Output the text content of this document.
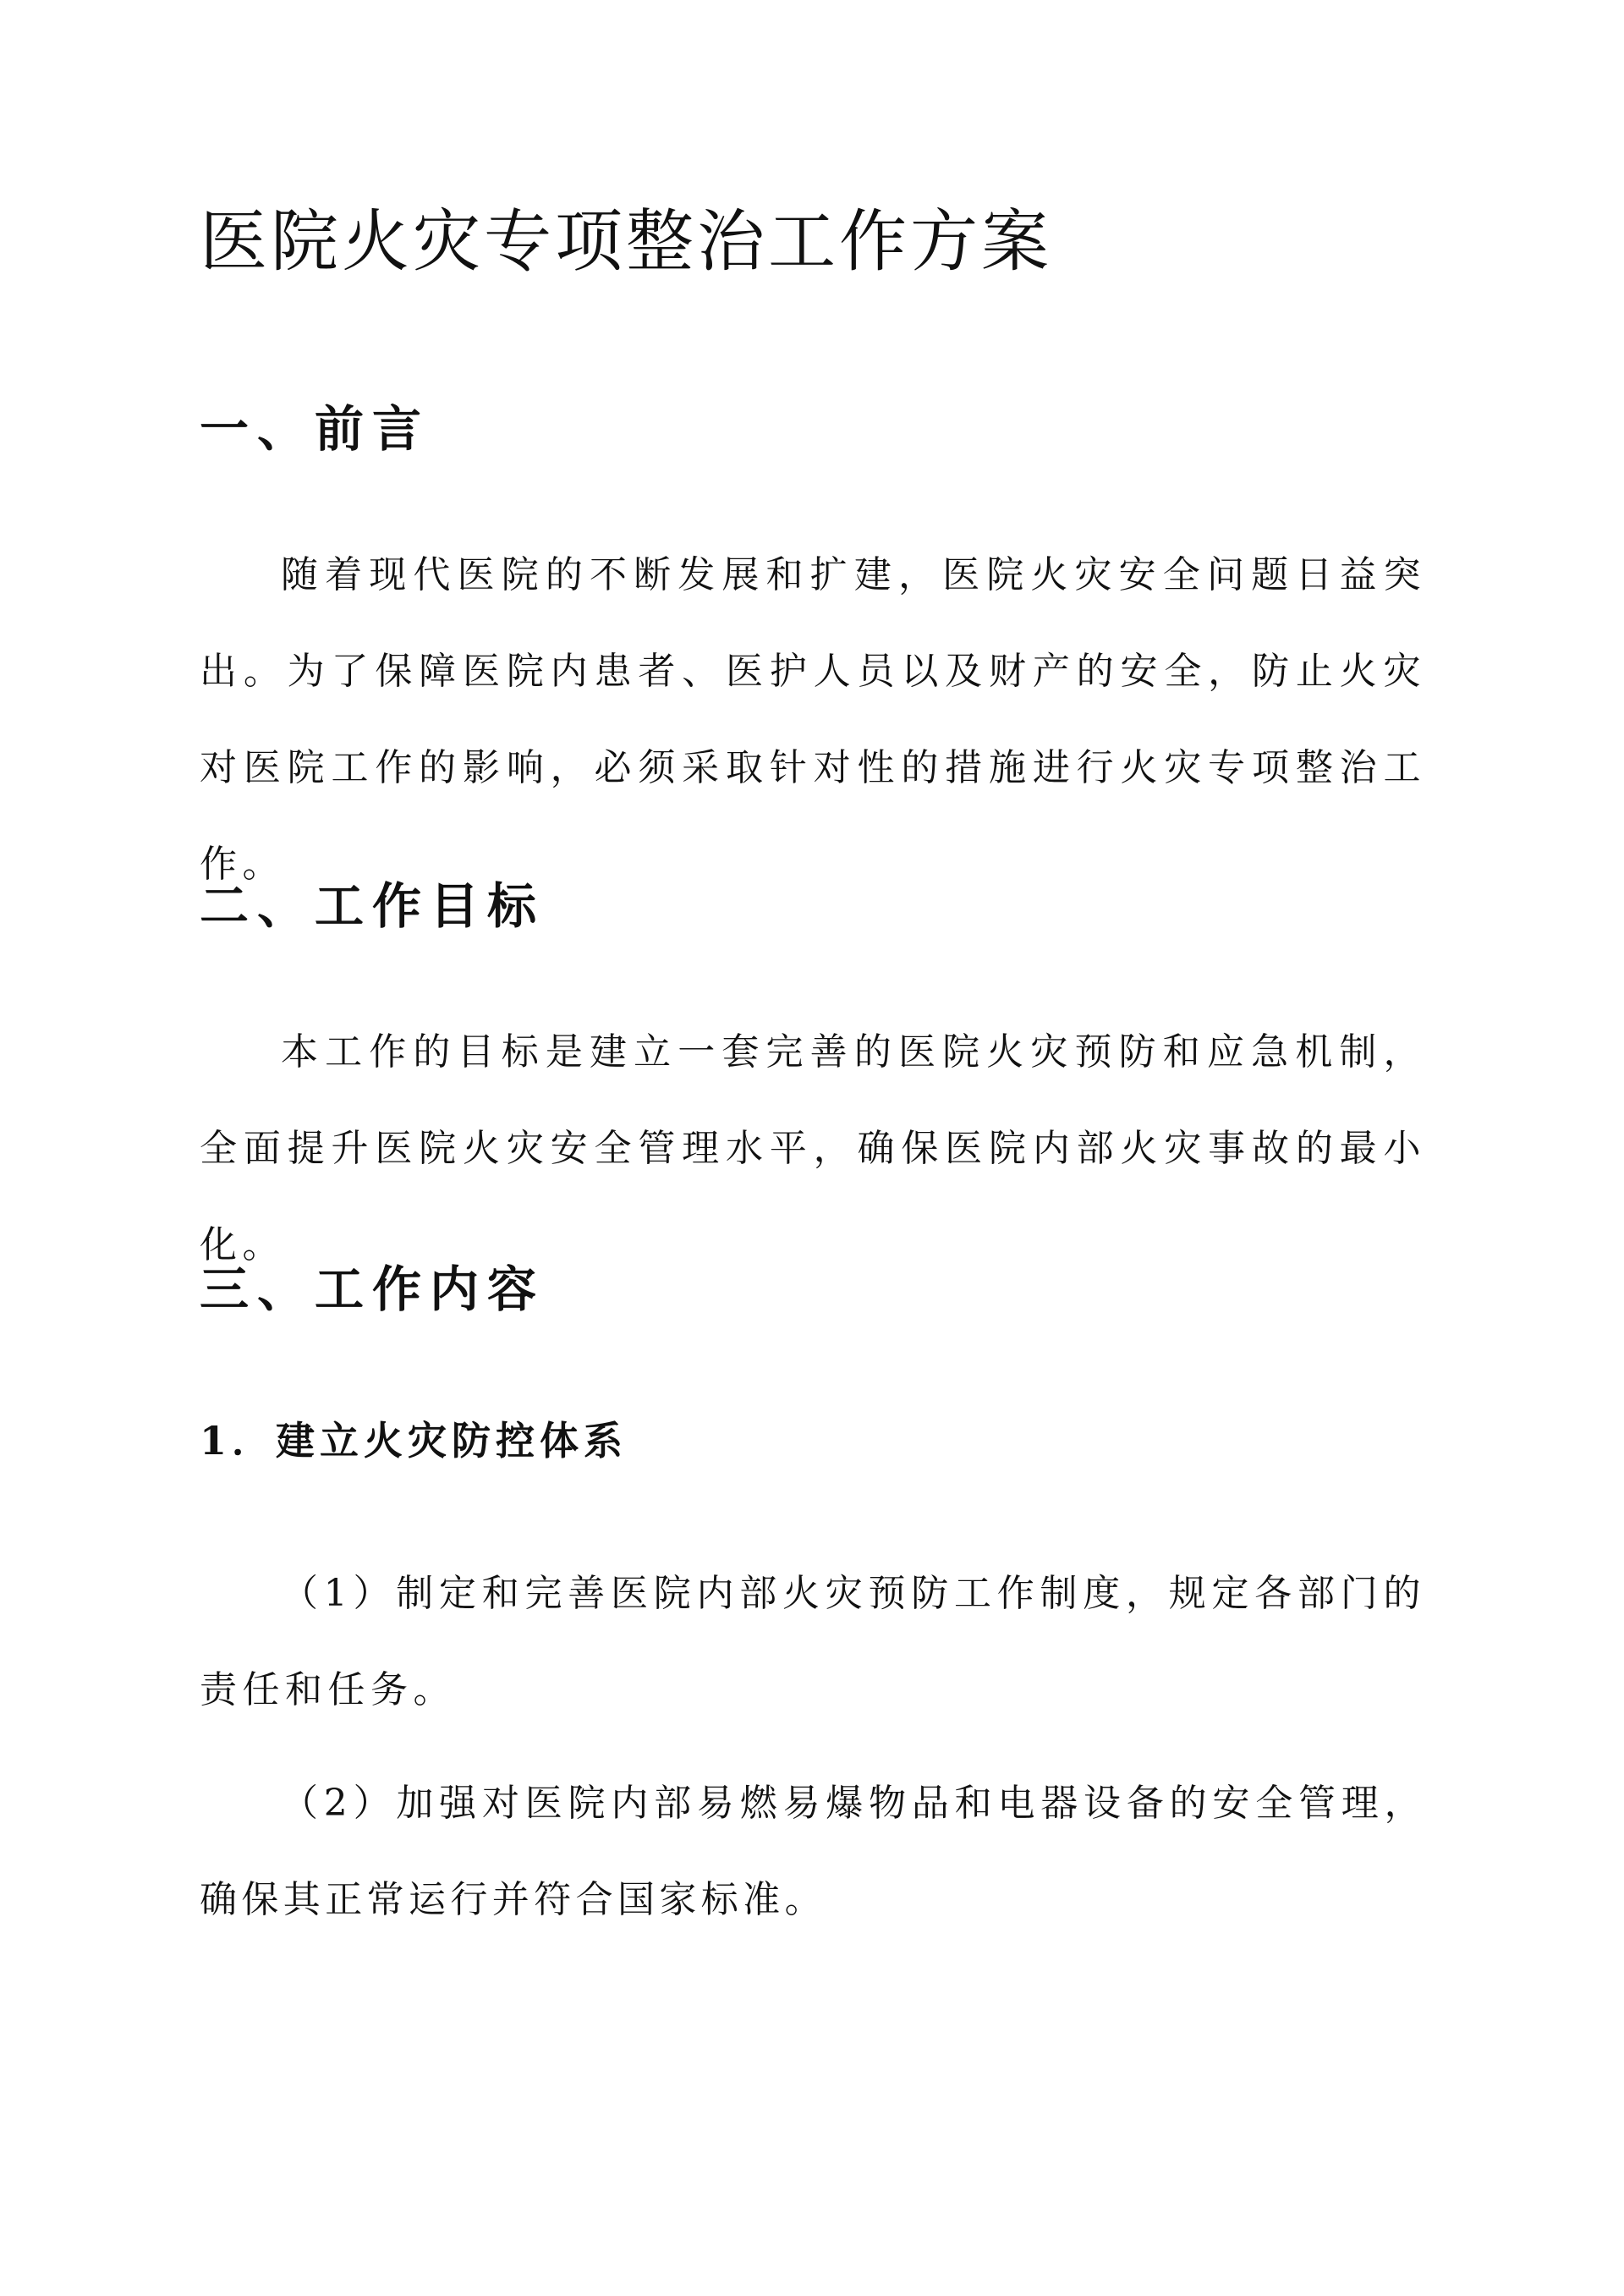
医院火灾专项整治工作方案
一、前言

随着现代医院的不断发展和扩建，医院火灾安全问题日益突出。为了保障医院内患者、医护人员以及财产的安全，防止火灾对医院工作的影响，必须采取针对性的措施进行火灾专项整治工作。

二、工作目标

本工作的目标是建立一套完善的医院火灾预防和应急机制，全面提升医院火灾安全管理水平，确保医院内部火灾事故的最小化。

三、工作内容
1．建立火灾防控体系

（1）制定和完善医院内部火灾预防工作制度，规定各部门的责任和任务。

（2）加强对医院内部易燃易爆物品和电器设备的安全管理，确保其正常运行并符合国家标准。
